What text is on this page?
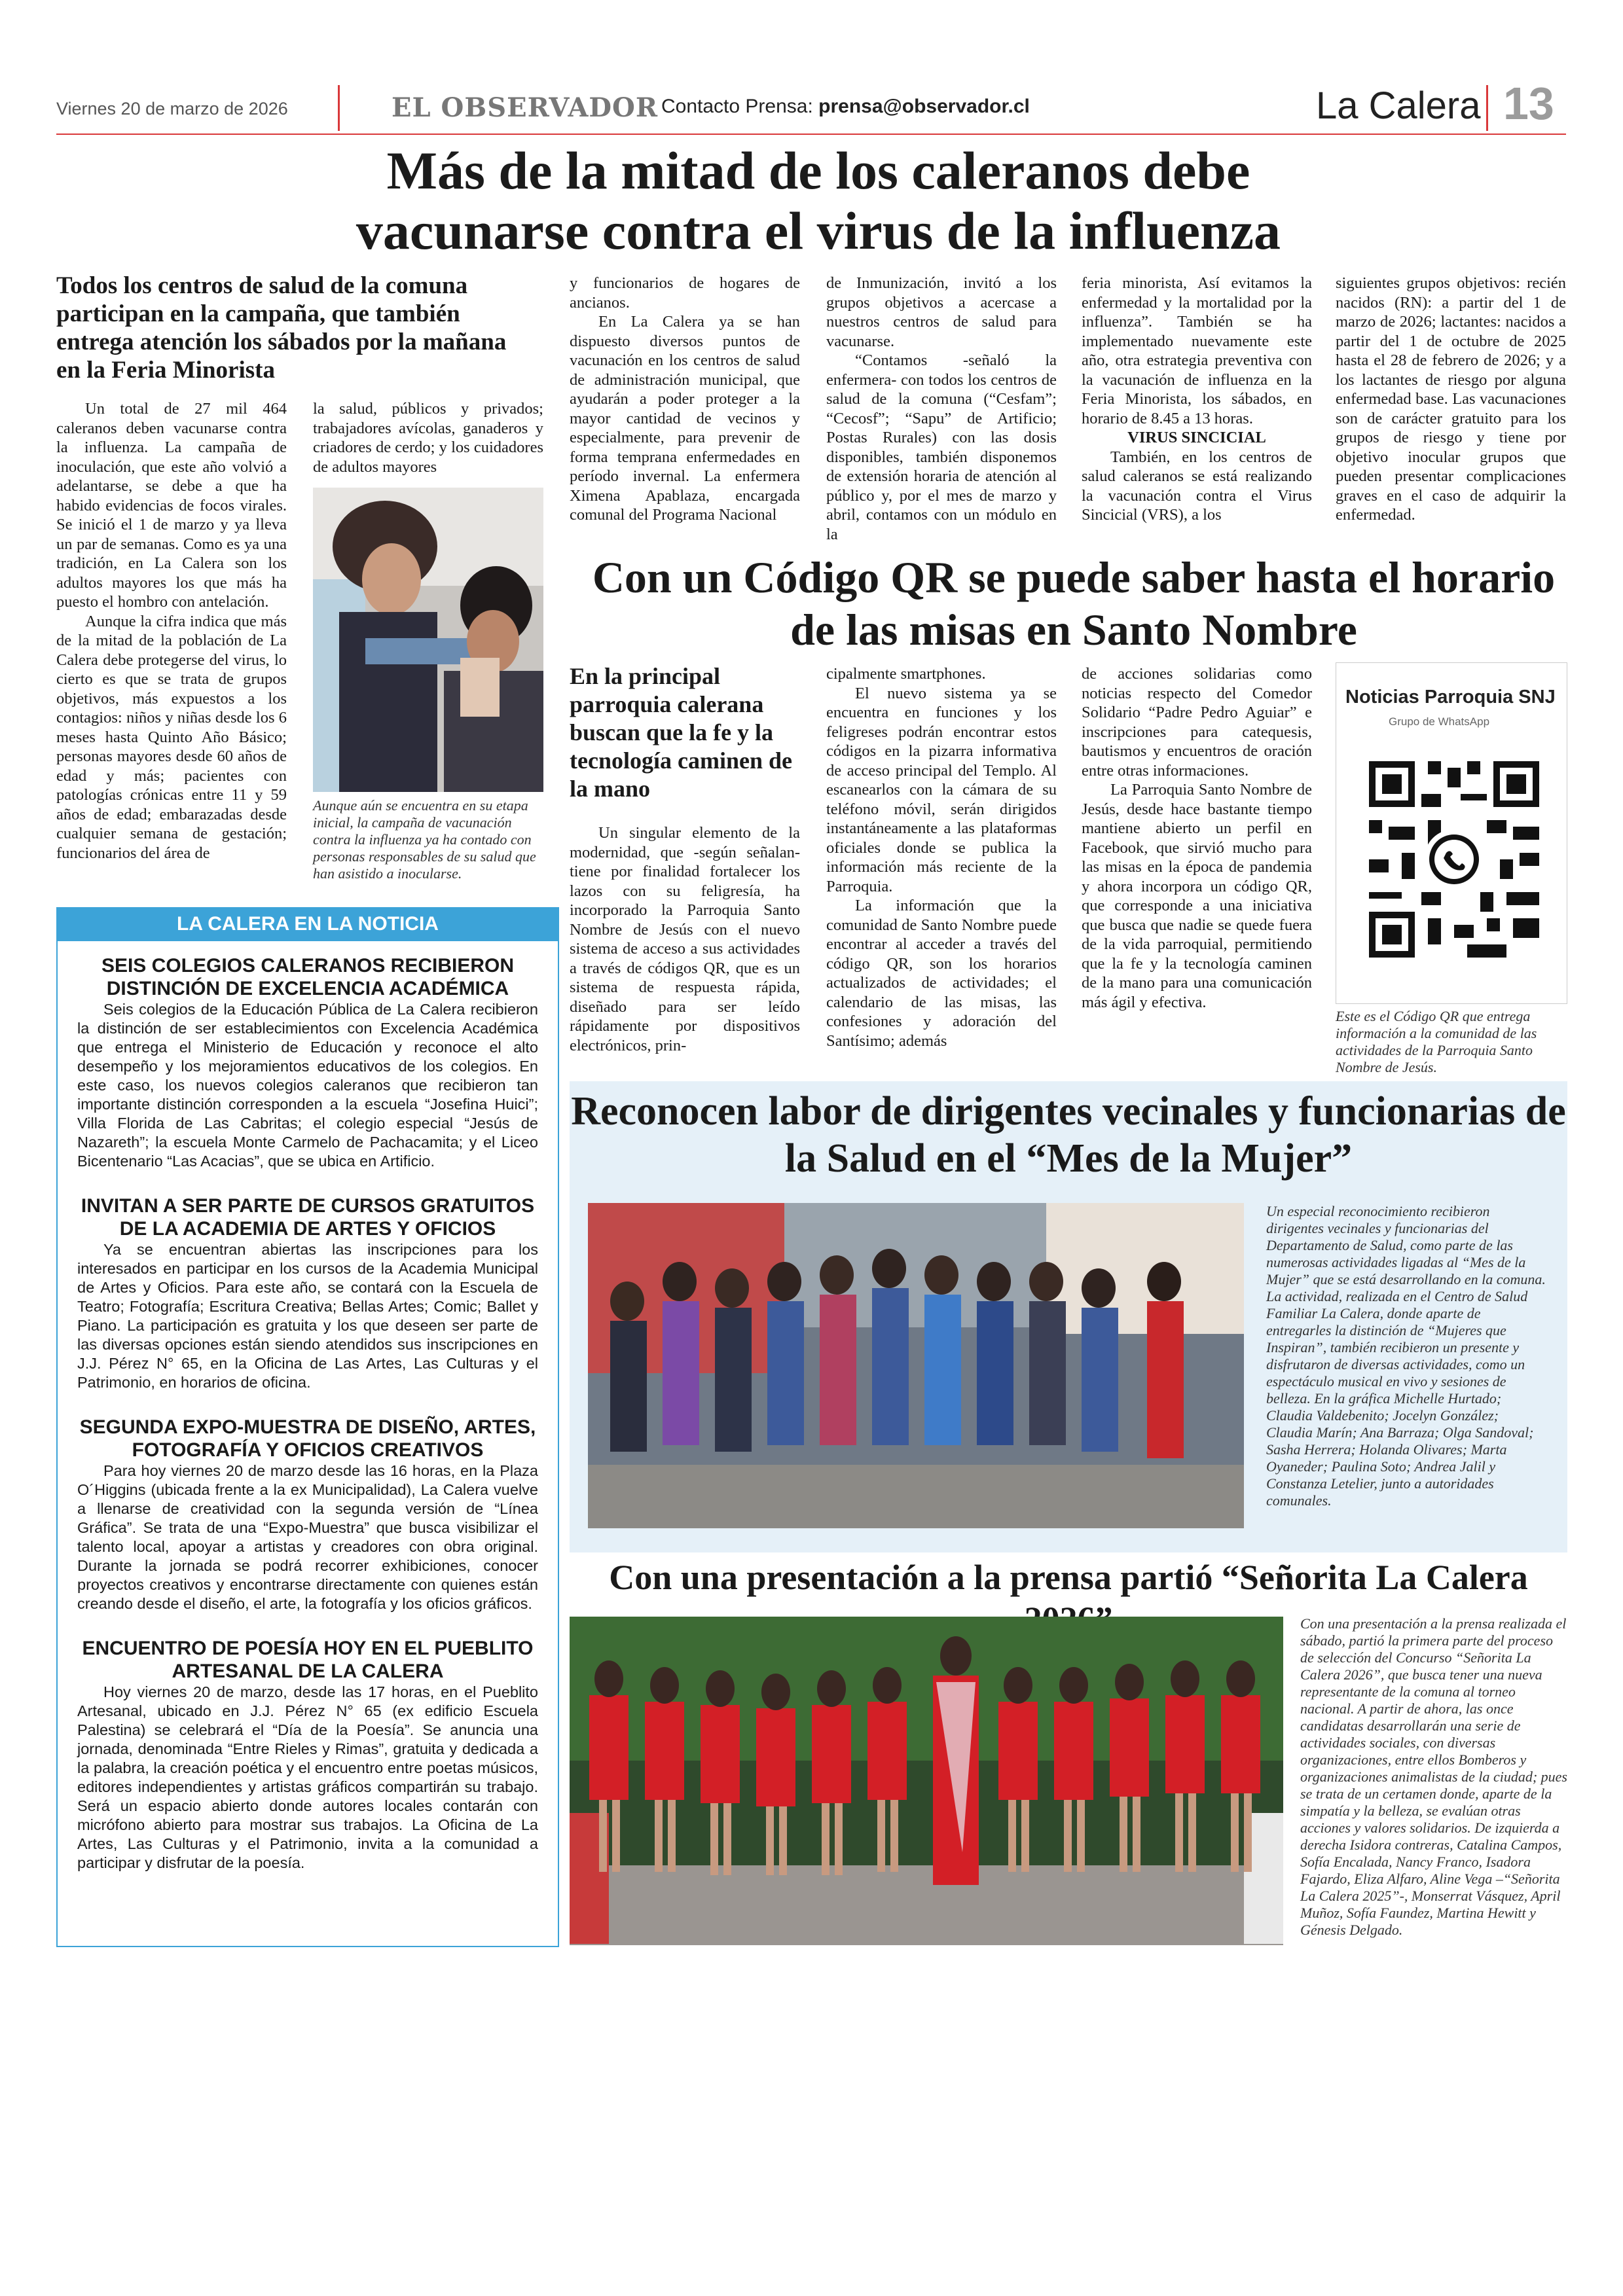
Viernes 20 de marzo de 2026	EL OBSERVADOR Contacto Prensa: prensa@observador.cl	La Calera 13
Más de la mitad de los caleranos debe vacunarse contra el virus de la influenza
Todos los centros de salud de la comuna participan en la campaña, que también entrega atención los sábados por la mañana en la Feria Minorista

Un total de 27 mil 464 caleranos deben vacunarse contra la influenza. La campaña de inoculación, que este año volvió a adelantarse, se debe a que ha habido evidencias de focos virales. Se inició el 1 de marzo y ya lleva un par de semanas. Como es ya una tradición, en La Calera son los adultos mayores los que más ha puesto el hombro con antelación.

Aunque la cifra indica que más de la mitad de la población de La Calera debe protegerse del virus, lo cierto es que se trata de grupos objetivos, más expuestos a los contagios: niños y niñas desde los 6 meses hasta Quinto Año Básico; personas mayores desde 60 años de edad y más; pacientes con patologías crónicas entre 11 y 59 años de edad; embarazadas desde cualquier semana de gestación; funcionarios del área de

la salud, públicos y privados; trabajadores avícolas, ganaderos y criadores de cerdo; y los cuidadores de adultos mayores

Aunque aún se encuentra en su etapa inicial, la campaña de vacunación contra la influenza ya ha contado con personas responsables de su salud que han asistido a inocularse.

y funcionarios de hogares de ancianos.

En La Calera ya se han dispuesto diversos puntos de vacunación en los centros de salud de administración municipal, que ayudarán a poder proteger a la mayor cantidad de vecinos y especialmente, para prevenir de forma temprana enfermedades en período invernal. La enfermera Ximena Apablaza, encargada comunal del Programa Nacional

de Inmunización, invitó a los grupos objetivos a acercase a nuestros centros de salud para vacunarse.

“Contamos -señaló la enfermera- con todos los centros de salud de la comuna (“Cesfam”; “Cecosf”; “Sapu” de Artificio; Postas Rurales) con las dosis disponibles, también disponemos de extensión horaria de atención al público y, por el mes de marzo y abril, contamos con un módulo en la

feria minorista, Así evitamos la enfermedad y la mortalidad por la influenza”. También se ha implementado nuevamente este año, otra estrategia preventiva con la vacunación de influenza en la Feria Minorista, los sábados, en horario de 8.45 a 13 horas.

VIRUS SINCICIAL

También, en los centros de salud caleranos se está realizando la vacunación contra el Virus Sincicial (VRS), a los

siguientes grupos objetivos: recién nacidos (RN): a partir del 1 de marzo de 2026; lactantes: nacidos a partir del 1 de octubre de 2025 hasta el 28 de febrero de 2026; y a los lactantes de riesgo por alguna enfermedad base. Las vacunaciones son de carácter gratuito para los grupos de riesgo y tiene por objetivo inocular grupos que pueden presentar complicaciones graves en el caso de adquirir la enfermedad.

SEIS COLEGIOS CALERANOS RECIBIERON DISTINCIÓN DE EXCELENCIA ACADÉMICA

Seis colegios de la Educación Pública de La Calera recibieron la distinción de ser establecimientos con Excelencia Académica que entrega el Ministerio de Educación y reconoce el alto desempeño y los mejoramientos educativos de los colegios. En este caso, los nuevos colegios caleranos que recibieron tan importante distinción corresponden a la escuela “Josefina Huici”; Villa Florida de Las Cabritas; el colegio especial “Jesús de Nazareth”; la escuela Monte Carmelo de Pachacamita; y el Liceo Bicentenario “Las Acacias”, que se ubica en Artificio.

INVITAN A SER PARTE DE CURSOS GRATUITOS DE LA ACADEMIA DE ARTES Y OFICIOS

Ya se encuentran abiertas las inscripciones para los interesados en participar en los cursos de la Academia Municipal de Artes y Oficios. Para este año, se contará con la Escuela de Teatro; Fotografía; Escritura Creativa; Bellas Artes; Comic; Ballet y Piano. La participación es gratuita y los que deseen ser parte de las diversas opciones están siendo atendidos sus inscripciones en J.J. Pérez N° 65, en la Oficina de Las Artes, Las Culturas y el Patrimonio, en horarios de oficina.

SEGUNDA EXPO-MUESTRA DE DISEÑO, ARTES, FOTOGRAFÍA Y OFICIOS CREATIVOS

Para hoy viernes 20 de marzo desde las 16 horas, en la Plaza O´Higgins (ubicada frente a la ex Municipalidad), La Calera vuelve a llenarse de creatividad con la segunda versión de “Línea Gráfica”. Se trata de una “Expo-Muestra” que busca visibilizar el talento local, apoyar a artistas y creadores con obra original. Durante la jornada se podrá recorrer exhibiciones, conocer proyectos creativos y encontrarse directamente con quienes están creando desde el diseño, el arte, la fotografía y los oficios gráficos.

ENCUENTRO DE POESÍA HOY EN EL PUEBLITO ARTESANAL DE LA CALERA

Hoy viernes 20 de marzo, desde las 17 horas, en el Pueblito Artesanal, ubicado en J.J. Pérez N° 65 (ex edificio Escuela Palestina) se celebrará el “Día de la Poesía”. Se anuncia una jornada, denominada “Entre Rieles y Rimas”, gratuita y dedicada a la palabra, la creación poética y el encuentro entre poetas músicos, editores independientes y artistas gráficos compartirán su trabajo. Será un espacio abierto donde autores locales contarán con micrófono abierto para mostrar sus trabajos. La Oficina de La Artes, Las Culturas y el Patrimonio, invita a la comunidad a participar y disfrutar de la poesía.

LA CALERA EN LA NOTICIA
Con un Código QR se puede saber hasta el horario de las misas en Santo Nombre
En la principal parroquia calerana buscan que la fe y la tecnología caminen de la mano

Un singular elemento de la modernidad, que -según señalan- tiene por finalidad fortalecer los lazos con su feligresía, ha incorporado la Parroquia Santo Nombre de Jesús con el nuevo sistema de acceso a sus actividades a través de códigos QR, que es un sistema de respuesta rápida, diseñado para ser leído rápidamente por dispositivos electrónicos, prin-

cipalmente smartphones.

El nuevo sistema ya se encuentra en funciones y los feligreses podrán encontrar estos códigos en la pizarra informativa de acceso principal del Templo. Al escanearlos con la cámara de su teléfono móvil, serán dirigidos instantáneamente a las plataformas oficiales donde se publica la información más reciente de la Parroquia.

La información que la comunidad de Santo Nombre puede encontrar al acceder a través del código QR, son los horarios actualizados de actividades; el calendario de las misas, las confesiones y adoración del Santísimo; además

de acciones solidarias como noticias respecto del Comedor Solidario “Padre Pedro Aguiar” e inscripciones para catequesis, bautismos y encuentros de oración entre otras informaciones.

La Parroquia Santo Nombre de Jesús, desde hace bastante tiempo mantiene abierto un perfil en Facebook, que sirvió mucho para las misas en la época de pandemia y ahora incorpora un código QR, que corresponde a una iniciativa que busca que nadie se quede fuera de la vida parroquial, permitiendo que la fe y la tecnología caminen de la mano para una comunicación más ágil y efectiva.

Noticias Parroquia SNJ
Grupo de WhatsApp
Este es el Código QR que entrega información a la comunidad de las actividades de la Parroquia Santo Nombre de Jesús.
Reconocen labor de dirigentes vecinales y funcionarias de la Salud en el “Mes de la Mujer”
Un especial reconocimiento recibieron dirigentes vecinales y funcionarias del Departamento de Salud, como parte de las numerosas actividades ligadas al “Mes de la Mujer” que se está desarrollando en la comuna. La actividad, realizada en el Centro de Salud Familiar La Calera, donde aparte de entregarles la distinción de “Mujeres que Inspiran”, también recibieron un presente y disfrutaron de diversas actividades, como un espectáculo musical en vivo y sesiones de belleza. En la gráfica Michelle Hurtado; Claudia Valdebenito; Jocelyn González; Claudia Marín; Ana Barraza; Olga Sandoval; Sasha Herrera; Holanda Olivares; Marta Oyaneder; Paulina Soto; Andrea Jalil y Constanza Letelier, junto a autoridades comunales.
Con una presentación a la prensa partió “Señorita La Calera
Con una presentación a la prensa realizada el sábado, partió la primera parte del proceso de selección del Concurso “Señorita La Calera 2026”, que busca tener una nueva representante de la comuna al torneo nacional. A partir de ahora, las once candidatas desarrollarán una serie de actividades sociales, con diversas organizaciones, entre ellos Bomberos y organizaciones animalistas de la ciudad; pues se trata de un certamen donde, aparte de la simpatía y la belleza, se evalúan otras acciones y valores solidarios. De izquierda a derecha Isidora contreras, Catalina Campos, Sofía Encalada, Nancy Franco, Isadora Fajardo, Eliza Alfaro, Aline Vega –“Señorita La Calera 2025”-, Monserrat Vásquez, April Muñoz, Sofía Faundez, Martina Hewitt y Génesis Delgado.
